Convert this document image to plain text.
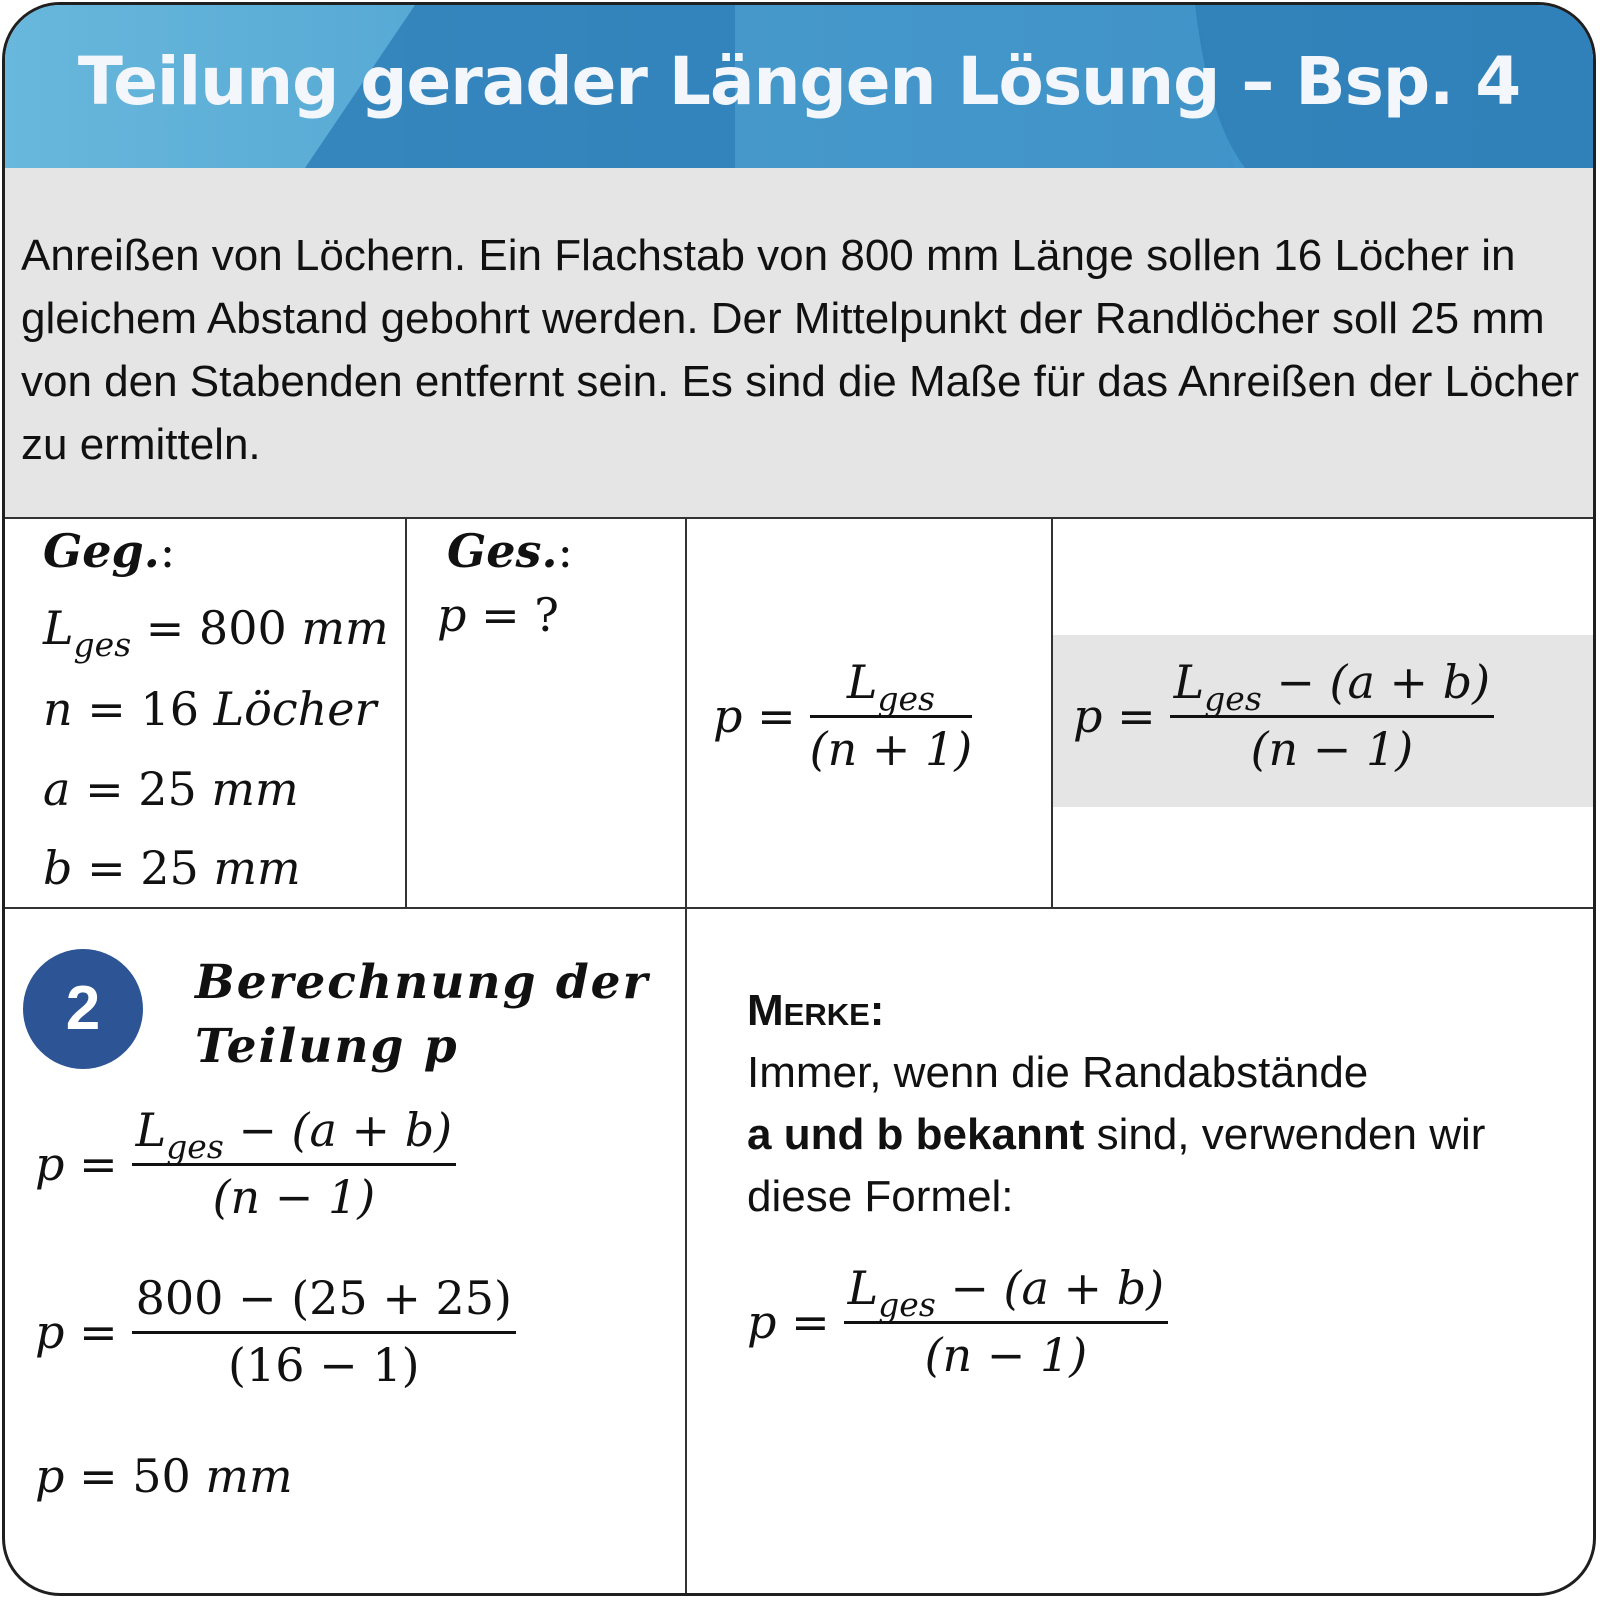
Teilung gerader Längen Lösung – Bsp. 4
Anreißen von Löchern. Ein Flachstab von 800 mm Länge sollen 16 Löcher in gleichem Abstand gebohrt werden. Der Mittelpunkt der Randlöcher soll 25 mm von den Stabenden entfernt sein. Es sind die Maße für das Anreißen der Löcher zu ermitteln.
Geg.:
$L_{ges} = 800$ mm
n = 16 Löcher
a = 25 mm
b = 25 mm
Ges.:
p = ?
$p = \frac{L_{ges}}{(n + 1)}$ $p = \frac{L_{ges} - (a + b)}{(n - 1)}$
2	Berechnung der
Teilung p
$p = \frac{L_{ges} - (a + b)}{(n - 1)}$
$p = \frac{800 - (25 + 25)}{(16 - 1)}$
p = 50 mm
Merke:
Immer, wenn die Randabstände
a und b bekannt sind, verwenden wir
diese Formel:
$p = \frac{L_{ges} - (a + b)}{(n - 1)}$
